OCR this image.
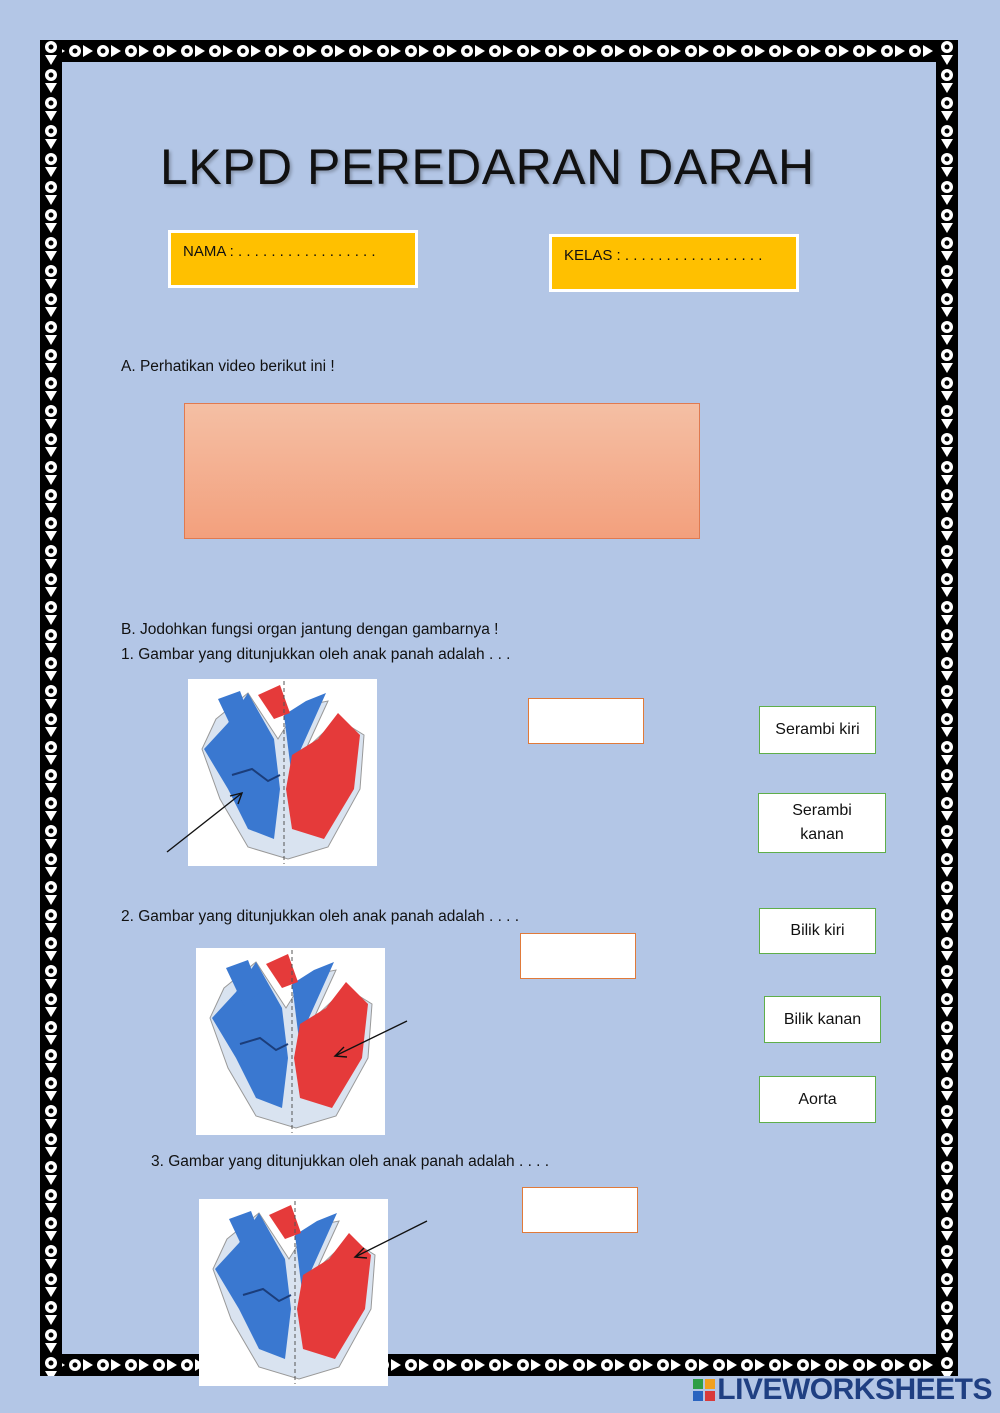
LKPD PEREDARAN DARAH
NAMA : . . . . . . . . . . . . . . . . .	KELAS : . . . . . . . . . . . . . . . . .
A. Perhatikan video berikut ini !
B. Jodohkan fungsi organ jantung dengan gambarnya !
1. Gambar yang ditunjukkan oleh anak panah adalah . . .
2. Gambar yang ditunjukkan oleh anak panah adalah . . . .
3. Gambar yang ditunjukkan oleh anak panah adalah . . . .
Serambi kiri
Serambi kanan
Bilik kiri
Bilik kanan
Aorta
LIVEWORKSHEETS
